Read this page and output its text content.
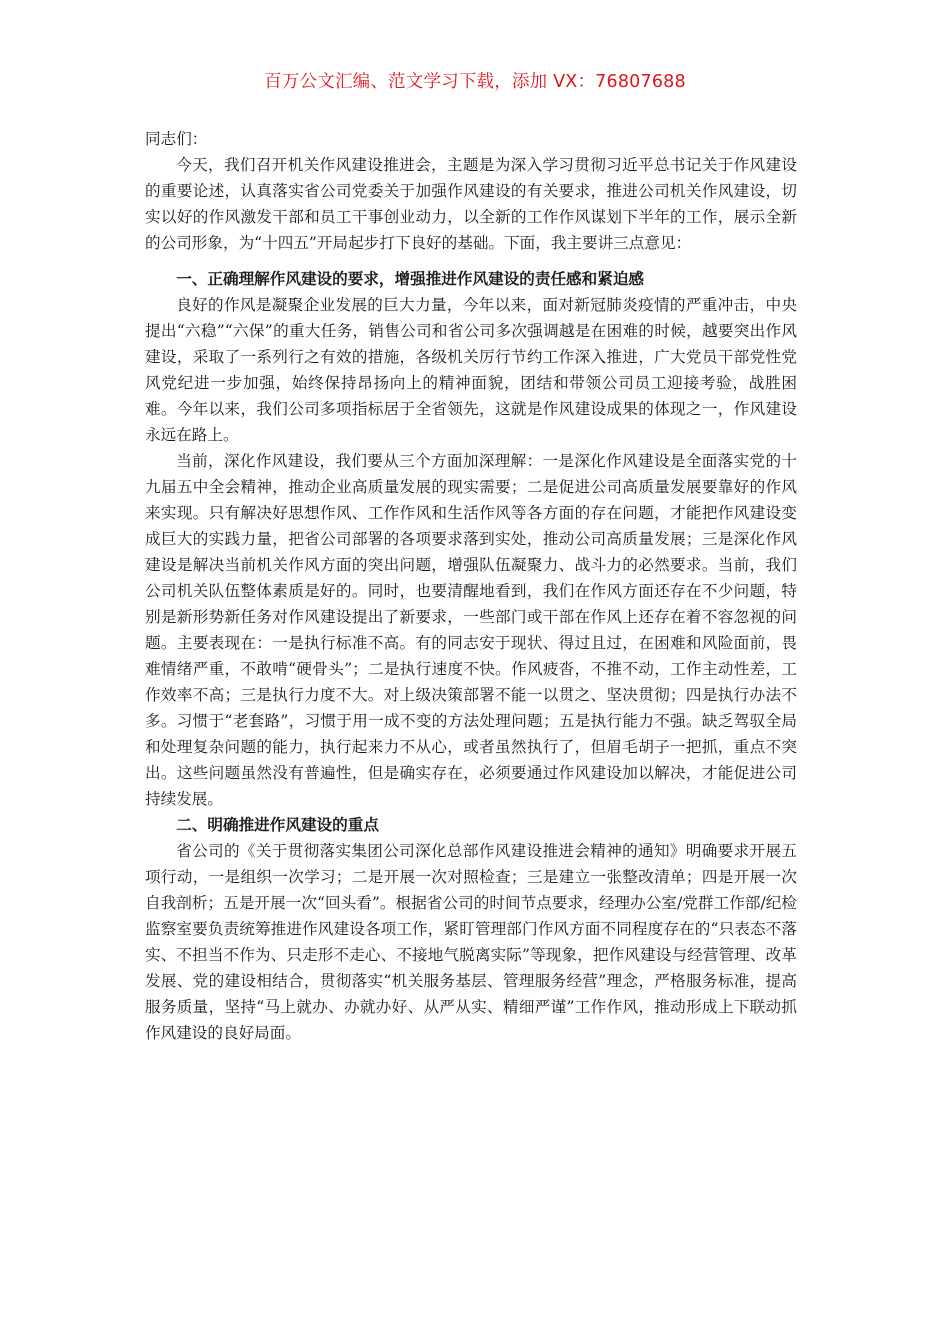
百万公文汇编、范文学习下载，添加 VX：76807688

同志们：

今天，我们召开机关作风建设推进会，主题是为深入学习贯彻习近平总书记关于作风建设的重要论述，认真落实省公司党委关于加强作风建设的有关要求，推进公司机关作风建设，切实以好的作风激发干部和员工干事创业动力，以全新的工作作风谋划下半年的工作，展示全新的公司形象，为“十四五”开局起步打下良好的基础。下面，我主要讲三点意见：

一、正确理解作风建设的要求，增强推进作风建设的责任感和紧迫感

良好的作风是凝聚企业发展的巨大力量，今年以来，面对新冠肺炎疫情的严重冲击，中央提出“六稳”“六保”的重大任务，销售公司和省公司多次强调越是在困难的时候，越要突出作风建设，采取了一系列行之有效的措施，各级机关厉行节约工作深入推进，广大党员干部党性党风党纪进一步加强，始终保持昂扬向上的精神面貌，团结和带领公司员工迎接考验，战胜困难。今年以来，我们公司多项指标居于全省领先，这就是作风建设成果的体现之一，作风建设永远在路上。

当前，深化作风建设，我们要从三个方面加深理解：一是深化作风建设是全面落实党的十九届五中全会精神，推动企业高质量发展的现实需要；二是促进公司高质量发展要靠好的作风来实现。只有解决好思想作风、工作作风和生活作风等各方面的存在问题，才能把作风建设变成巨大的实践力量，把省公司部署的各项要求落到实处，推动公司高质量发展；三是深化作风建设是解决当前机关作风方面的突出问题，增强队伍凝聚力、战斗力的必然要求。当前，我们公司机关队伍整体素质是好的。同时，也要清醒地看到，我们在作风方面还存在不少问题，特别是新形势新任务对作风建设提出了新要求，一些部门或干部在作风上还存在着不容忽视的问题。主要表现在：一是执行标准不高。有的同志安于现状、得过且过，在困难和风险面前，畏难情绪严重，不敢啃“硬骨头”；二是执行速度不快。作风疲沓，不推不动，工作主动性差，工作效率不高；三是执行力度不大。对上级决策部署不能一以贯之、坚决贯彻；四是执行办法不多。习惯于“老套路”，习惯于用一成不变的方法处理问题；五是执行能力不强。缺乏驾驭全局和处理复杂问题的能力，执行起来力不从心，或者虽然执行了，但眉毛胡子一把抓，重点不突出。这些问题虽然没有普遍性，但是确实存在，必须要通过作风建设加以解决，才能促进公司持续发展。

二、明确推进作风建设的重点

省公司的《关于贯彻落实集团公司深化总部作风建设推进会精神的通知》明确要求开展五项行动，一是组织一次学习；二是开展一次对照检查；三是建立一张整改清单；四是开展一次自我剖析；五是开展一次“回头看”。根据省公司的时间节点要求，经理办公室/党群工作部/纪检监察室要负责统筹推进作风建设各项工作，紧盯管理部门作风方面不同程度存在的“只表态不落实、不担当不作为、只走形不走心、不接地气脱离实际”等现象，把作风建设与经营管理、改革发展、党的建设相结合，贯彻落实“机关服务基层、管理服务经营”理念，严格服务标准，提高服务质量，坚持“马上就办、办就办好、从严从实、精细严谨”工作作风，推动形成上下联动抓作风建设的良好局面。
